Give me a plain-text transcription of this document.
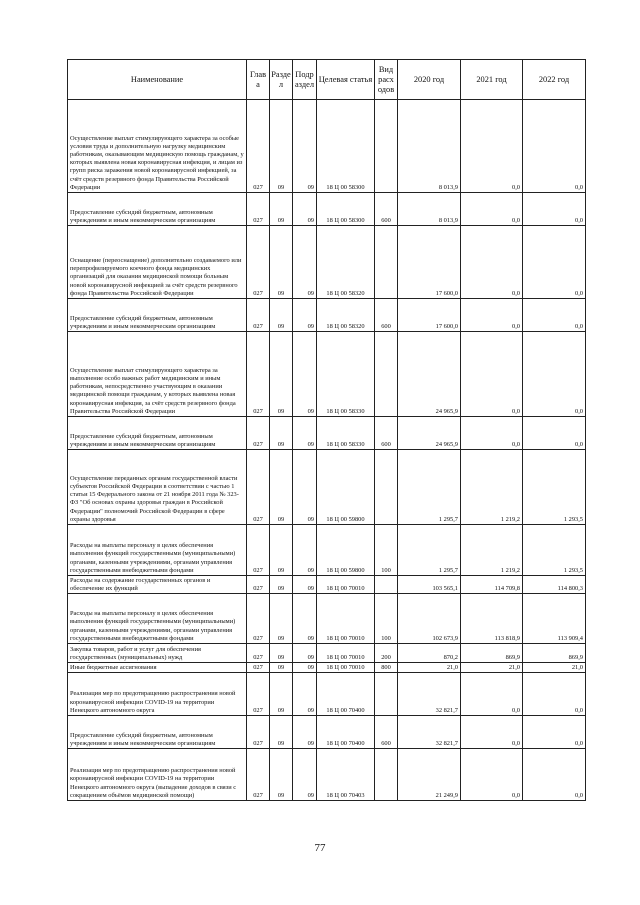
Наименование	Глав а	Разде л	Подр аздел	Целевая статья	Вид расх одов	2020 год	2021 год	2022 год
Осуществление выплат стимулирующего характера за особые условия труда и дополнительную нагрузку медицинским работникам, оказывающим медицинскую помощь гражданам, у которых выявлена новая коронавирусная инфекция, и лицам из групп риска заражения новой коронавирусной инфекцией, за счёт средств резервного фонда Правительства Российской Федерации	027	09	09	18 Ц 00 58300		8 013,9	0,0	0,0
Предоставление субсидий бюджетным, автономным учреждениям и иным некоммерческим организациям	027	09	09	18 Ц 00 58300	600	8 013,9	0,0	0,0
Оснащение (переоснащение) дополнительно создаваемого или перепрофилируемого коечного фонда медицинских организаций для оказания медицинской помощи больным новой коронавирусной инфекцией за счёт средств резервного фонда Правительства Российской Федерации	027	09	09	18 Ц 00 58320		17 600,0	0,0	0,0
Предоставление субсидий бюджетным, автономным учреждениям и иным некоммерческим организациям	027	09	09	18 Ц 00 58320	600	17 600,0	0,0	0,0
Осуществление выплат стимулирующего характера за выполнение особо важных работ медицинским и иным работникам, непосредственно участвующим в оказании медицинской помощи гражданам, у которых выявлена новая коронавирусная инфекция, за счёт средств резервного фонда Правительства Российской Федерации	027	09	09	18 Ц 00 58330		24 965,9	0,0	0,0
Предоставление субсидий бюджетным, автономным учреждениям и иным некоммерческим организациям	027	09	09	18 Ц 00 58330	600	24 965,9	0,0	0,0
Осуществление переданных органам государственной власти субъектов Российской Федерации в соответствии с частью 1 статьи 15 Федерального закона от 21 ноября 2011 года № 323-ФЗ "Об основах охраны здоровья граждан в Российской Федерации" полномочий Российской Федерации в сфере охраны здоровья	027	09	09	18 Ц 00 59800		1 295,7	1 219,2	1 293,5
Расходы на выплаты персоналу в целях обеспечения выполнения функций государственными (муниципальными) органами, казенными учреждениями, органами управления государственными внебюджетными фондами	027	09	09	18 Ц 00 59800	100	1 295,7	1 219,2	1 293,5
Расходы на содержание государственных органов и обеспечение их функций	027	09	09	18 Ц 00 70010		103 565,1	114 709,8	114 800,3
Расходы на выплаты персоналу в целях обеспечения выполнения функций государственными (муниципальными) органами, казенными учреждениями, органами управления государственными внебюджетными фондами	027	09	09	18 Ц 00 70010	100	102 673,9	113 818,9	113 909,4
Закупка товаров, работ и услуг для обеспечения государственных (муниципальных) нужд	027	09	09	18 Ц 00 70010	200	870,2	869,9	869,9
Иные бюджетные ассигнования	027	09	09	18 Ц 00 70010	800	21,0	21,0	21,0
Реализация мер по предотвращению распространения новой коронавирусной инфекции COVID-19 на территории Ненецкого автономного округа	027	09	09	18 Ц 00 70400		32 821,7	0,0	0,0
Предоставление субсидий бюджетным, автономным учреждениям и иным некоммерческим организациям	027	09	09	18 Ц 00 70400	600	32 821,7	0,0	0,0
Реализация мер по предотвращению распространения новой коронавирусной инфекции COVID-19 на территории Ненецкого автономного округа (выпадение доходов в связи с сокращением объёмов медицинской помощи)	027	09	09	18 Ц 00 70403		21 249,9	0,0	0,0
77
